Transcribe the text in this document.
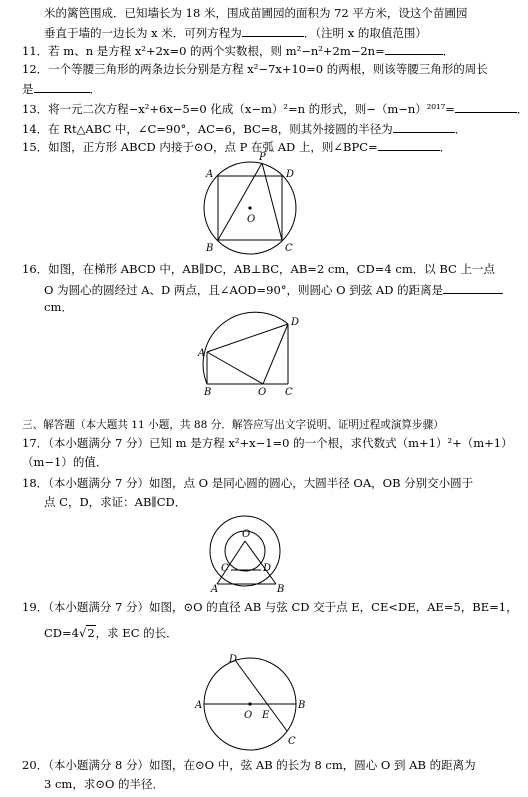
米的篱笆围成．已知墙长为 18 米，围成苗圃园的面积为 72 平方米，设这个苗圃园
垂直于墙的一边长为 x 米．可列方程为	．（注明 x 的取值范围）
11．若 m、n 是方程 x²+2x=0 的两个实数根，则 m²−n²+2m−2n=	．
12．一个等腰三角形的两条边长分别是方程 x²−7x+10=0 的两根，则该等腰三角形的周长
是	．
13．将一元二次方程−x²+6x−5=0 化成（x−m）²=n 的形式，则−（m−n）²⁰¹⁷=	．
14．在 Rt△ABC 中，∠C=90°，AC=6，BC=8，则其外接圆的半径为	．
15．如图，正方形 ABCD 内接于⊙O，点 P 在弧 AD 上，则∠BPC=	．
P
A	D
O
B	C
16．如图，在梯形 ABCD 中，AB∥DC，AB⊥BC，AB=2 cm，CD=4 cm．以 BC 上一点
O 为圆心的圆经过 A、D 两点，且∠AOD=90°，则圆心 O 到弦 AD 的距离是
cm．
D
A
B	O C
三、解答题（本大题共 11 小题，共 88 分．解答应写出文字说明、证明过程或演算步骤）
17．（本小题满分 7 分）已知 m 是方程 x²+x−1=0 的一个根，求代数式（m+1）²+（m+1）
（m−1）的值．
18．（本小题满分 7 分）如图，点 O 是同心圆的圆心，大圆半径 OA，OB 分别交小圆于
点 C，D，求证：AB∥CD．
O
C	D
A	B
19．（本小题满分 7 分）如图，⊙O 的直径 AB 与弦 CD 交于点 E，CE<DE，AE=5，BE=1，
CD=4√2，求 EC 的长．
D
A
O E
B
C
20．（本小题满分 8 分）如图，在⊙O 中，弦 AB 的长为 8 cm，圆心 O 到 AB 的距离为
3 cm，求⊙O 的半径．
